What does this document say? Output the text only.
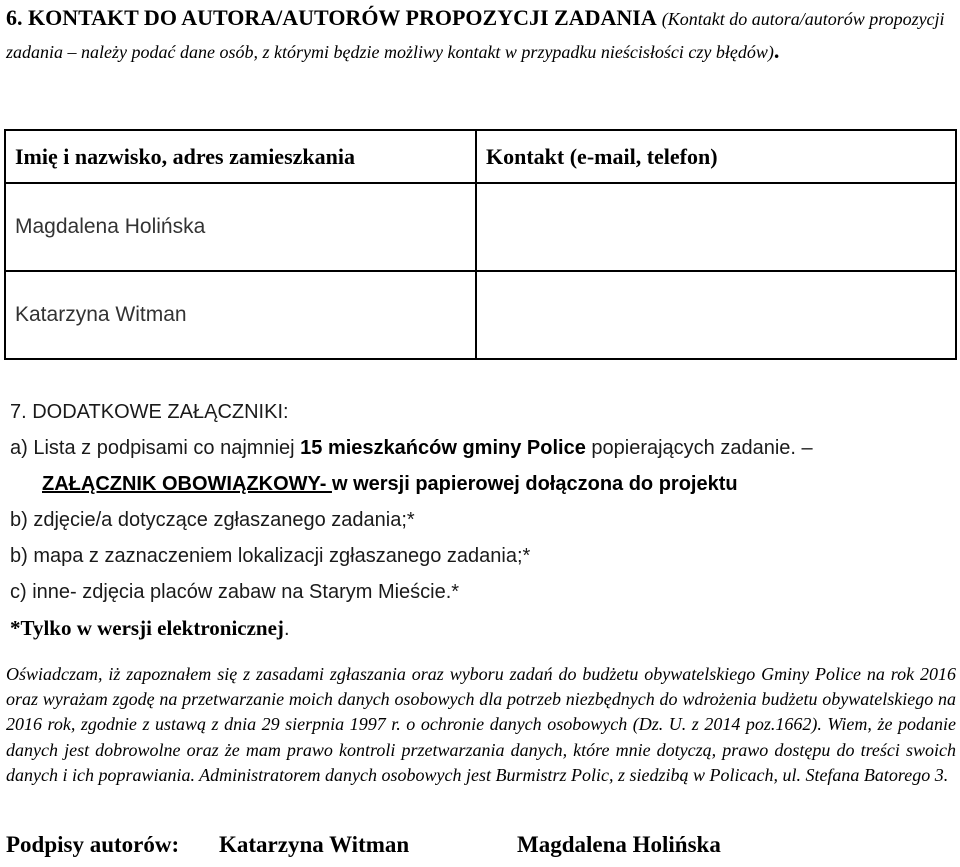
6. KONTAKT DO AUTORA/AUTORÓW PROPOZYCJI ZADANIA (Kontakt do autora/autorów propozycji zadania – należy podać dane osób, z którymi będzie możliwy kontakt w przypadku nieścisłości czy błędów).
Imię i nazwisko, adres zamieszkania	Kontakt (e-mail, telefon)
Magdalena Holińska	
Katarzyna Witman	
7. DODATKOWE ZAŁĄCZNIKI:
a) Lista z podpisami co najmniej 15 mieszkańców gminy Police popierających zadanie. –
ZAŁĄCZNIK OBOWIĄZKOWY- w wersji papierowej dołączona do projektu
b) zdjęcie/a dotyczące zgłaszanego zadania;*
b) mapa z zaznaczeniem lokalizacji zgłaszanego zadania;*
c) inne- zdjęcia placów zabaw na Starym Mieście.*
*Tylko w wersji elektronicznej.
Oświadczam, iż zapoznałem się z zasadami zgłaszania oraz wyboru zadań do budżetu obywatelskiego Gminy Police na rok 2016 oraz wyrażam zgodę na przetwarzanie moich danych osobowych dla potrzeb niezbędnych do wdrożenia budżetu obywatelskiego na 2016 rok, zgodnie z ustawą z dnia 29 sierpnia 1997 r. o ochronie danych osobowych (Dz. U. z 2014 poz.1662). Wiem, że podanie danych jest dobrowolne oraz że mam prawo kontroli przetwarzania danych, które mnie dotyczą, prawo dostępu do treści swoich danych i ich poprawiania. Administratorem danych osobowych jest Burmistrz Polic, z siedzibą w Policach, ul. Stefana Batorego 3.
Podpisy autorów: Katarzyna Witman	Magdalena Holińska
